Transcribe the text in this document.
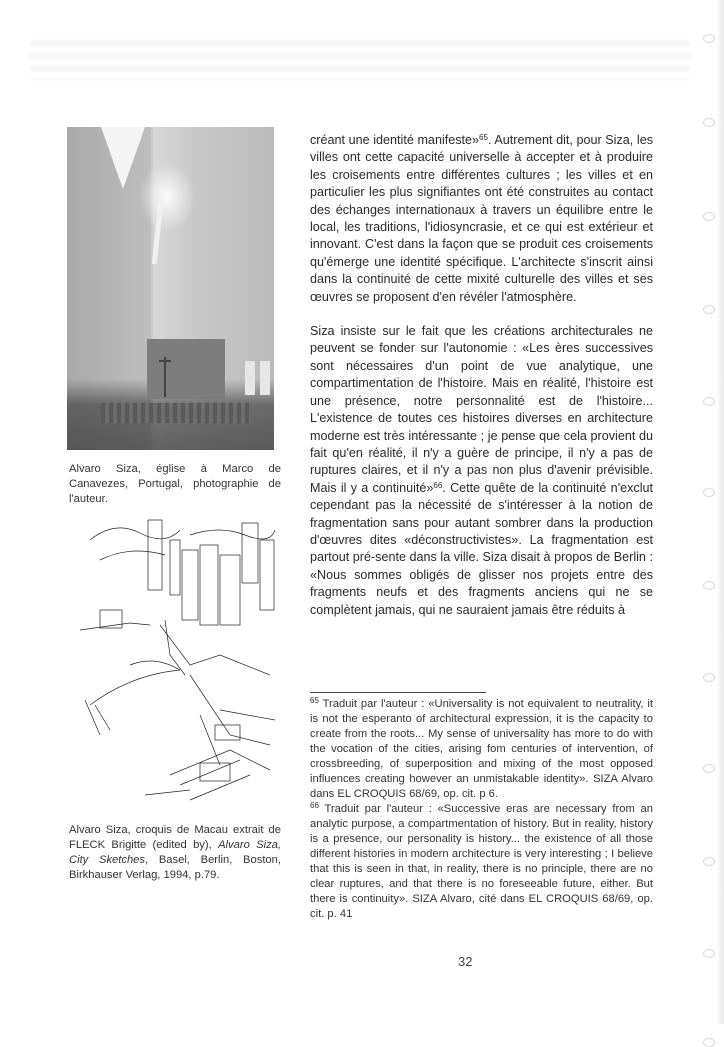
Alvaro Siza, église à Marco de Canavezes, Portugal, photographie de l'auteur.
Alvaro Siza, croquis de Macau extrait de FLECK Brigitte (edited by), Alvaro Siza, City Sketches, Basel, Berlin, Boston, Birkhauser Verlag, 1994, p.79.

créant une identité manifeste»$^{65}$. Autrement dit, pour Siza, les villes ont cette capacité universelle à accepter et à produire les croisements entre différentes cultures ; les villes et en particulier les plus signifiantes ont été construites au contact des échanges internationaux à travers un équilibre entre le local, les traditions, l'idiosyncrasie, et ce qui est extérieur et innovant. C'est dans la façon que se produit ces croisements qu'émerge une identité spécifique. L'architecte s'inscrit ainsi dans la continuité de cette mixité culturelle des villes et ses œuvres se proposent d'en révéler l'atmosphère.

Siza insiste sur le fait que les créations architecturales ne peuvent se fonder sur l'autonomie : «Les ères successives sont nécessaires d'un point de vue analytique, une compartimentation de l'histoire. Mais en réalité, l'histoire est une présence, notre personnalité est de l'histoire... L'existence de toutes ces histoires diverses en architecture moderne est très intéressante ; je pense que cela provient du fait qu'en réalité, il n'y a guère de principe, il n'y a pas de ruptures claires, et il n'y a pas non plus d'avenir prévisible. Mais il y a continuité»$^{66}$. Cette quête de la continuité n'exclut cependant pas la nécessité de s'intéresser à la notion de fragmentation sans pour autant sombrer dans la production d'œuvres dites «déconstructivistes». La fragmentation est partout pré-sente dans la ville. Siza disait à propos de Berlin : «Nous sommes obligés de glisser nos projets entre des fragments neufs et des fragments anciens qui ne se complètent jamais, qui ne sauraient jamais être réduits à

$^{65}$ Traduit par l'auteur : «Universality is not equivalent to neutrality, it is not the esperanto of architectural expression, it is the capacity to create from the roots... My sense of universality has more to do with the vocation of the cities, arising fom centuries of intervention, of crossbreeding, of superposition and mixing of the most opposed influences creating however an unmistakable identity». SIZA Alvaro dans EL CROQUIS 68/69, op. cit. p 6.

$^{66}$ Traduit par l'auteur : «Successive eras are necessary from an analytic purpose, a compartmentation of history. But in reality, history is a presence, our personality is history... the existence of all those different histories in modern architecture is very interesting ; I believe that this is seen in that, in reality, there is no principle, there are no clear ruptures, and that there is no foreseeable future, either. But there is continuity». SIZA Alvaro, cité dans EL CROQUIS 68/69, op. cit. p. 41

32
